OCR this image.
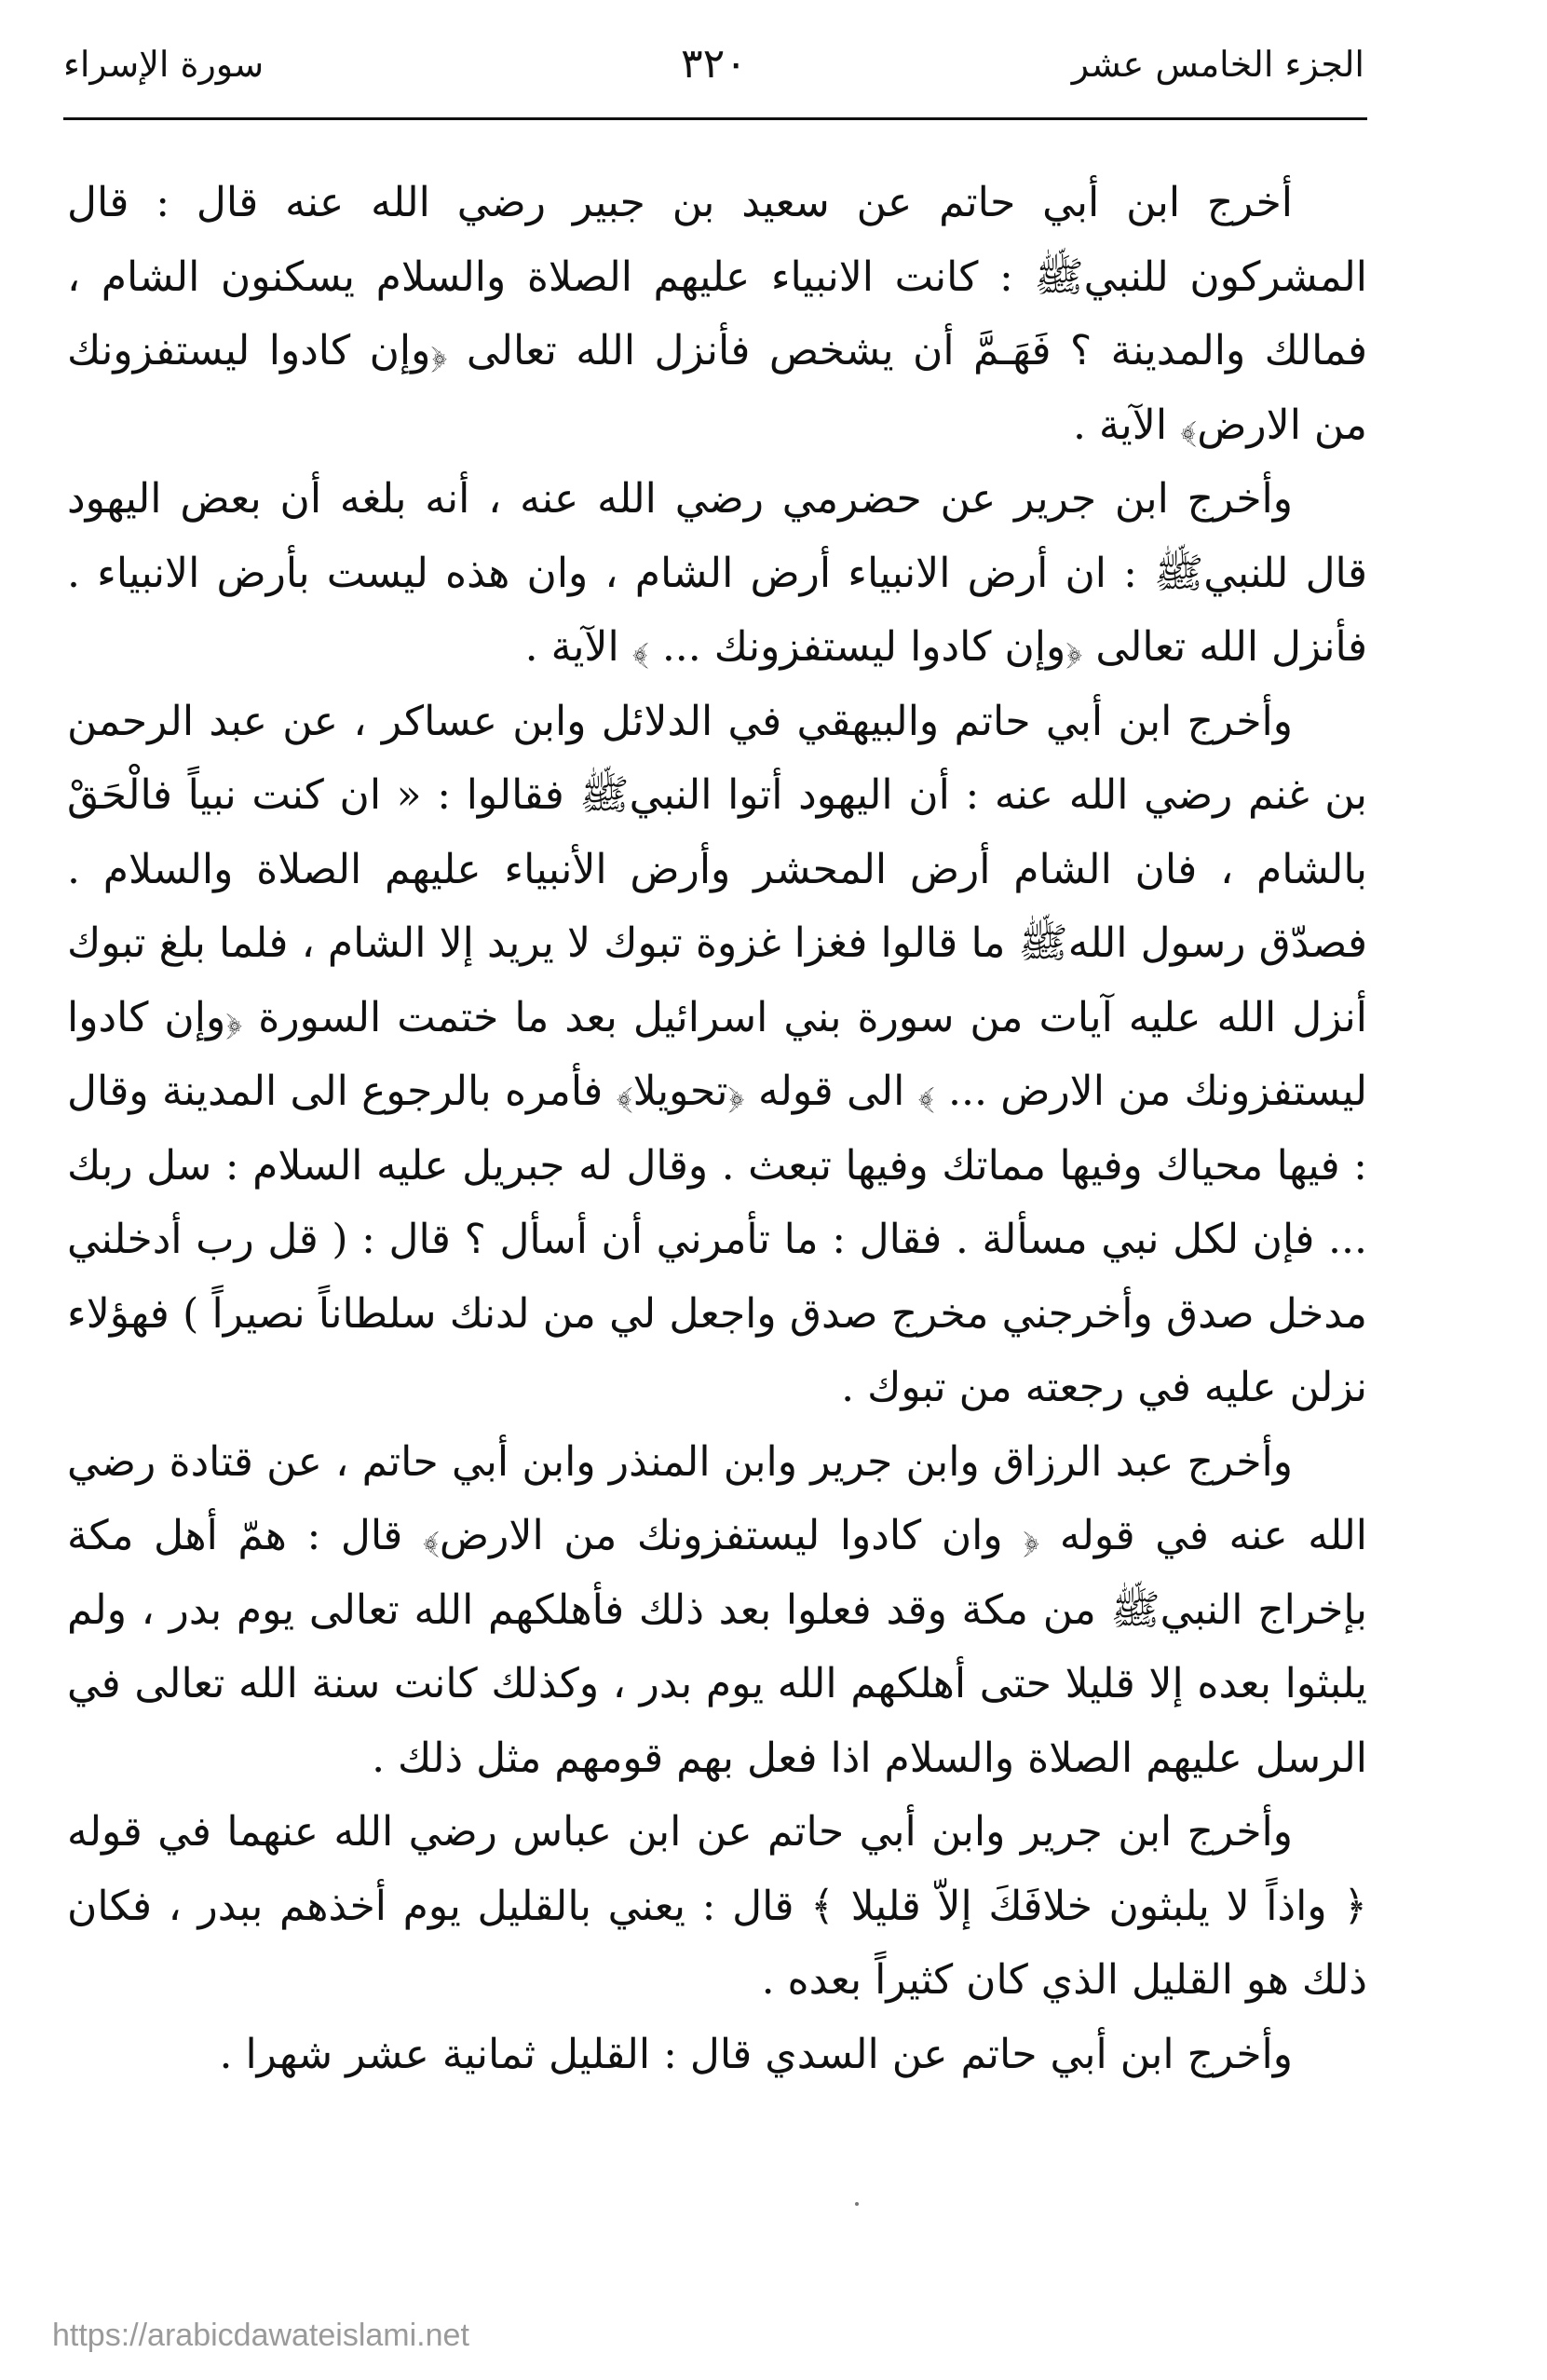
الجزء الخامس عشر
٣٢٠
سورة الإسراء

أخرج ابن أبي حاتم عن سعيد بن جبير رضي الله عنه قال : قال المشركون للنبيﷺ : كانت الانبياء عليهم الصلاة والسلام يسكنون الشام ، فمالك والمدينة ؟ فَهَـمَّ أن يشخص فأنزل الله تعالى ﴿وإن كادوا ليستفزونك من الارض﴾ الآية .

وأخرج ابن جرير عن حضرمي رضي الله عنه ، أنه بلغه أن بعض اليهود قال للنبيﷺ : ان أرض الانبياء أرض الشام ، وان هذه ليست بأرض الانبياء . فأنزل الله تعالى ﴿وإن كادوا ليستفزونك ... ﴾ الآية .

وأخرج ابن أبي حاتم والبيهقي في الدلائل وابن عساكر ، عن عبد الرحمن بن غنم رضي الله عنه : أن اليهود أتوا النبيﷺ فقالوا : « ان كنت نبياً فالْحَقْ بالشام ، فان الشام أرض المحشر وأرض الأنبياء عليهم الصلاة والسلام . فصدّق رسول اللهﷺ ما قالوا فغزا غزوة تبوك لا يريد إلا الشام ، فلما بلغ تبوك أنزل الله عليه آيات من سورة بني اسرائيل بعد ما ختمت السورة ﴿وإن كادوا ليستفزونك من الارض ... ﴾ الى قوله ﴿تحويلا﴾ فأمره بالرجوع الى المدينة وقال : فيها محياك وفيها مماتك وفيها تبعث . وقال له جبريل عليه السلام : سل ربك ... فإن لكل نبي مسألة . فقال : ما تأمرني أن أسأل ؟ قال : ( قل رب أدخلني مدخل صدق وأخرجني مخرج صدق واجعل لي من لدنك سلطاناً نصيراً ) فهؤلاء نزلن عليه في رجعته من تبوك .

وأخرج عبد الرزاق وابن جرير وابن المنذر وابن أبي حاتم ، عن قتادة رضي الله عنه في قوله ﴿ وان كادوا ليستفزونك من الارض﴾ قال : همّ أهل مكة بإخراج النبيﷺ من مكة وقد فعلوا بعد ذلك فأهلكهم الله تعالى يوم بدر ، ولم يلبثوا بعده إلا قليلا حتى أهلكهم الله يوم بدر ، وكذلك كانت سنة الله تعالى في الرسل عليهم الصلاة والسلام اذا فعل بهم قومهم مثل ذلك .

وأخرج ابن جرير وابن أبي حاتم عن ابن عباس رضي الله عنهما في قوله ﴿ واذاً لا يلبثون خلافَكَ إلاّ قليلا ﴾ قال : يعني بالقليل يوم أخذهم ببدر ، فكان ذلك هو القليل الذي كان كثيراً بعده .

وأخرج ابن أبي حاتم عن السدي قال : القليل ثمانية عشر شهرا .

https://arabicdawateislami.net
